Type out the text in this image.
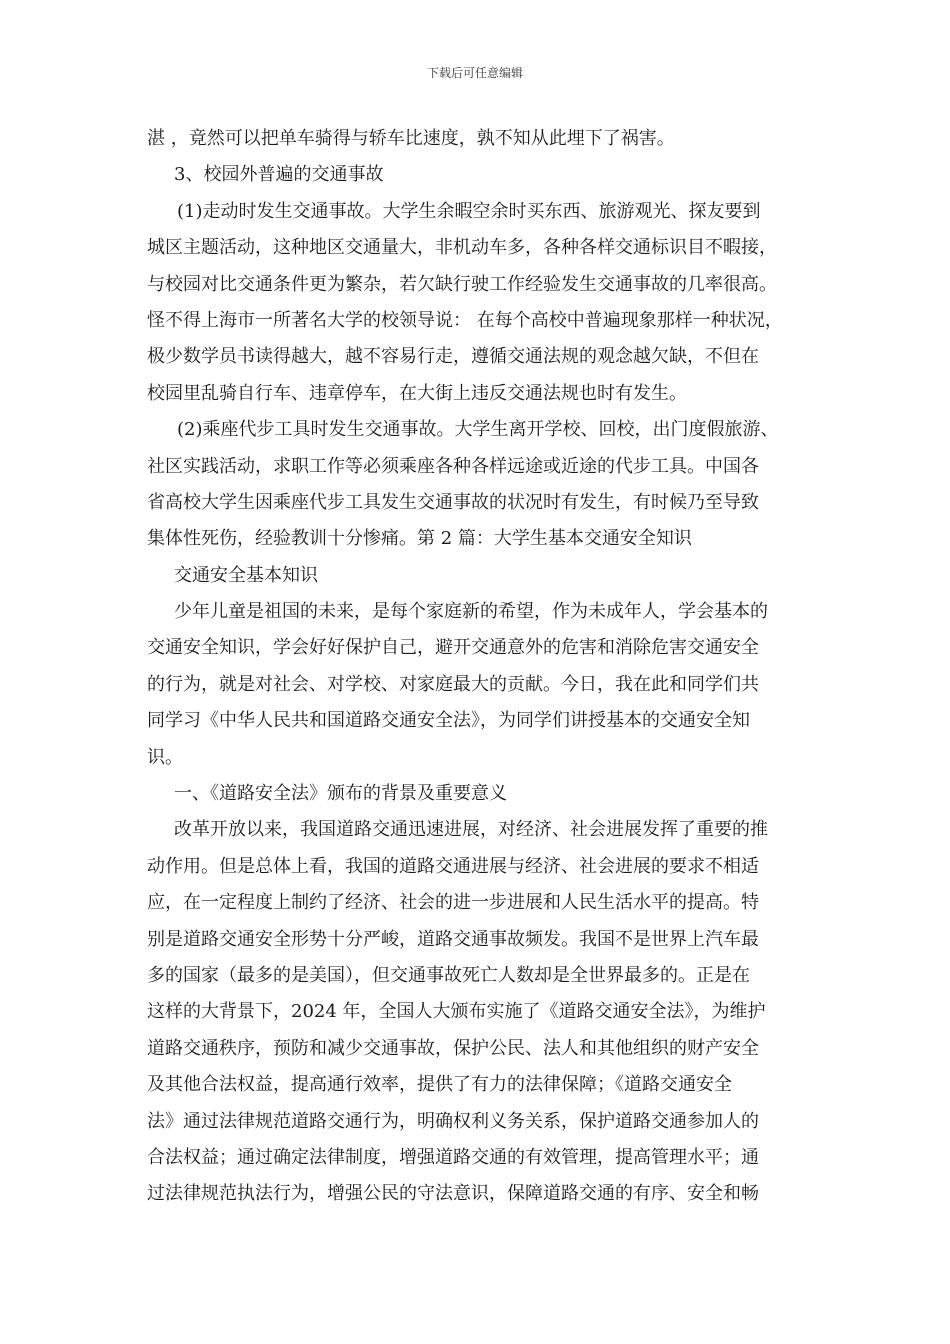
下载后可任意编辑
湛 ，竟然可以把单车骑得与轿车比速度，孰不知从此埋下了祸害。
3、校园外普遍的交通事故
(1)走动时发生交通事故。大学生余暇空余时买东西、旅游观光、探友要到
城区主题活动，这种地区交通量大，非机动车多，各种各样交通标识目不暇接，
与校园对比交通条件更为繁杂，若欠缺行驶工作经验发生交通事故的几率很高。
怪不得上海市一所著名大学的校领导说： 在每个高校中普遍现象那样一种状况，
极少数学员书读得越大，越不容易行走，遵循交通法规的观念越欠缺，不但在
校园里乱骑自行车、违章停车，在大街上违反交通法规也时有发生。
(2)乘座代步工具时发生交通事故。大学生离开学校、回校，出门度假旅游、
社区实践活动，求职工作等必须乘座各种各样远途或近途的代步工具。中国各
省高校大学生因乘座代步工具发生交通事故的状况时有发生，有时候乃至导致
集体性死伤，经验教训十分惨痛。第 2 篇：大学生基本交通安全知识
交通安全基本知识
少年儿童是祖国的未来，是每个家庭新的希望，作为未成年人，学会基本的
交通安全知识，学会好好保护自己，避开交通意外的危害和消除危害交通安全
的行为，就是对社会、对学校、对家庭最大的贡献。今日，我在此和同学们共
同学习《中华人民共和国道路交通安全法》，为同学们讲授基本的交通安全知
识。
一、《道路安全法》颁布的背景及重要意义
改革开放以来，我国道路交通迅速进展，对经济、社会进展发挥了重要的推
动作用。但是总体上看，我国的道路交通进展与经济、社会进展的要求不相适
应，在一定程度上制约了经济、社会的进一步进展和人民生活水平的提高。特
别是道路交通安全形势十分严峻，道路交通事故频发。我国不是世界上汽车最
多的国家（最多的是美国），但交通事故死亡人数却是全世界最多的。正是在
这样的大背景下，2024 年，全国人大颁布实施了《道路交通安全法》，为维护
道路交通秩序，预防和减少交通事故，保护公民、法人和其他组织的财产安全
及其他合法权益，提高通行效率，提供了有力的法律保障；《道路交通安全
法》通过法律规范道路交通行为，明确权利义务关系，保护道路交通参加人的
合法权益；通过确定法律制度，增强道路交通的有效管理，提高管理水平；通
过法律规范执法行为，增强公民的守法意识，保障道路交通的有序、安全和畅
